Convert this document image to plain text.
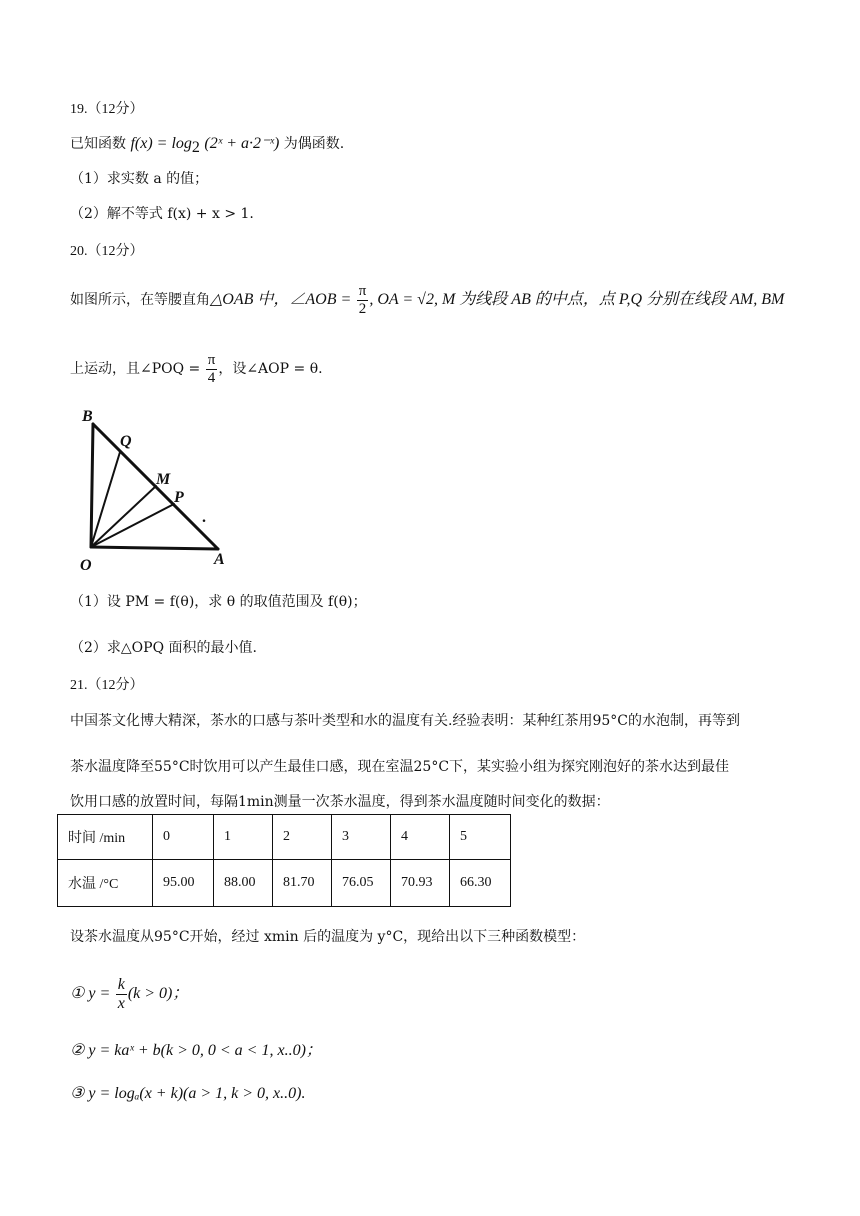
19.（12分）
已知函数 $f(x) = \log_2$ (2ˣ + a·2⁻ˣ) 为偶函数.
（1）求实数 a 的值；
（2）解不等式 f(x) + x > 1.
20.（12分）
如图所示，在等腰直角△OAB 中，∠AOB = $\frac{\pi}{2}$ , OA = √2, M 为线段 AB 的中点，点 P,Q 分别在线段 AM, BM
上运动，且∠POQ = $\frac{\pi}{4}$ ，设∠AOP = θ.
B
Q
M
P
O	A
.
（1）设 PM = f(θ)，求 θ 的取值范围及 f(θ)；
（2）求△OPQ 面积的最小值.
21.（12分）
中国茶文化博大精深，茶水的口感与茶叶类型和水的温度有关.经验表明：某种红茶用95°C的水泡制，再等到
茶水温度降至55°C时饮用可以产生最佳口感，现在室温25°C下，某实验小组为探究刚泡好的茶水达到最佳
饮用口感的放置时间，每隔1min测量一次茶水温度，得到茶水温度随时间变化的数据：
时间 /min	0	1	2	3	4	5
水温 /°C	95.00	88.00	81.70	76.05	70.93	66.30
设茶水温度从95°C开始，经过 xmin 后的温度为 y°C，现给出以下三种函数模型：
① $y = \frac{k}{x} (k > 0)$；
② y = kaˣ + b(k > 0, 0 < a < 1, x..0)；
③ y = logₐ(x + k)(a > 1, k > 0, x..0).
